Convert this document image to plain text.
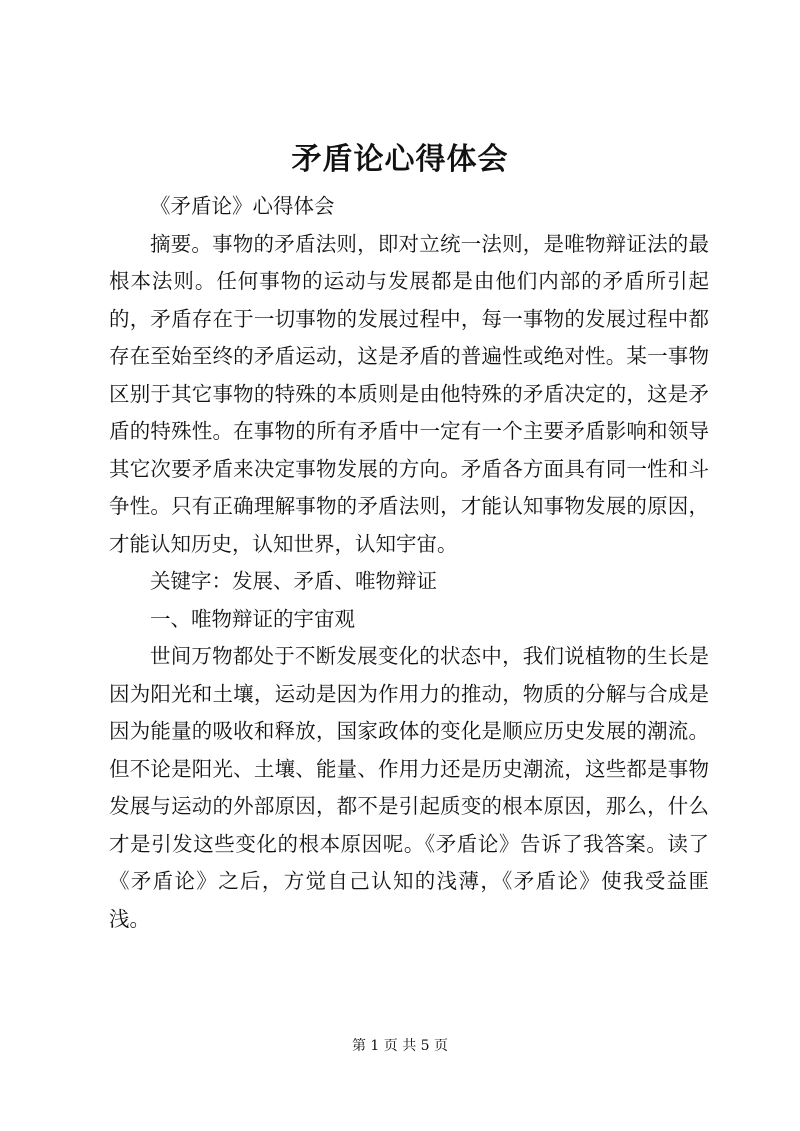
矛盾论心得体会

《矛盾论》心得体会

摘要。事物的矛盾法则，即对立统一法则，是唯物辩证法的最根本法则。任何事物的运动与发展都是由他们内部的矛盾所引起的，矛盾存在于一切事物的发展过程中，每一事物的发展过程中都存在至始至终的矛盾运动，这是矛盾的普遍性或绝对性。某一事物区别于其它事物的特殊的本质则是由他特殊的矛盾决定的，这是矛盾的特殊性。在事物的所有矛盾中一定有一个主要矛盾影响和领导其它次要矛盾来决定事物发展的方向。矛盾各方面具有同一性和斗争性。只有正确理解事物的矛盾法则，才能认知事物发展的原因，才能认知历史，认知世界，认知宇宙。

关键字：发展、矛盾、唯物辩证

一、唯物辩证的宇宙观

世间万物都处于不断发展变化的状态中，我们说植物的生长是因为阳光和土壤，运动是因为作用力的推动，物质的分解与合成是因为能量的吸收和释放，国家政体的变化是顺应历史发展的潮流。但不论是阳光、土壤、能量、作用力还是历史潮流，这些都是事物发展与运动的外部原因，都不是引起质变的根本原因，那么，什么才是引发这些变化的根本原因呢。《矛盾论》告诉了我答案。读了《矛盾论》之后，方觉自己认知的浅薄，《矛盾论》使我受益匪浅。

第 1 页 共 5 页
